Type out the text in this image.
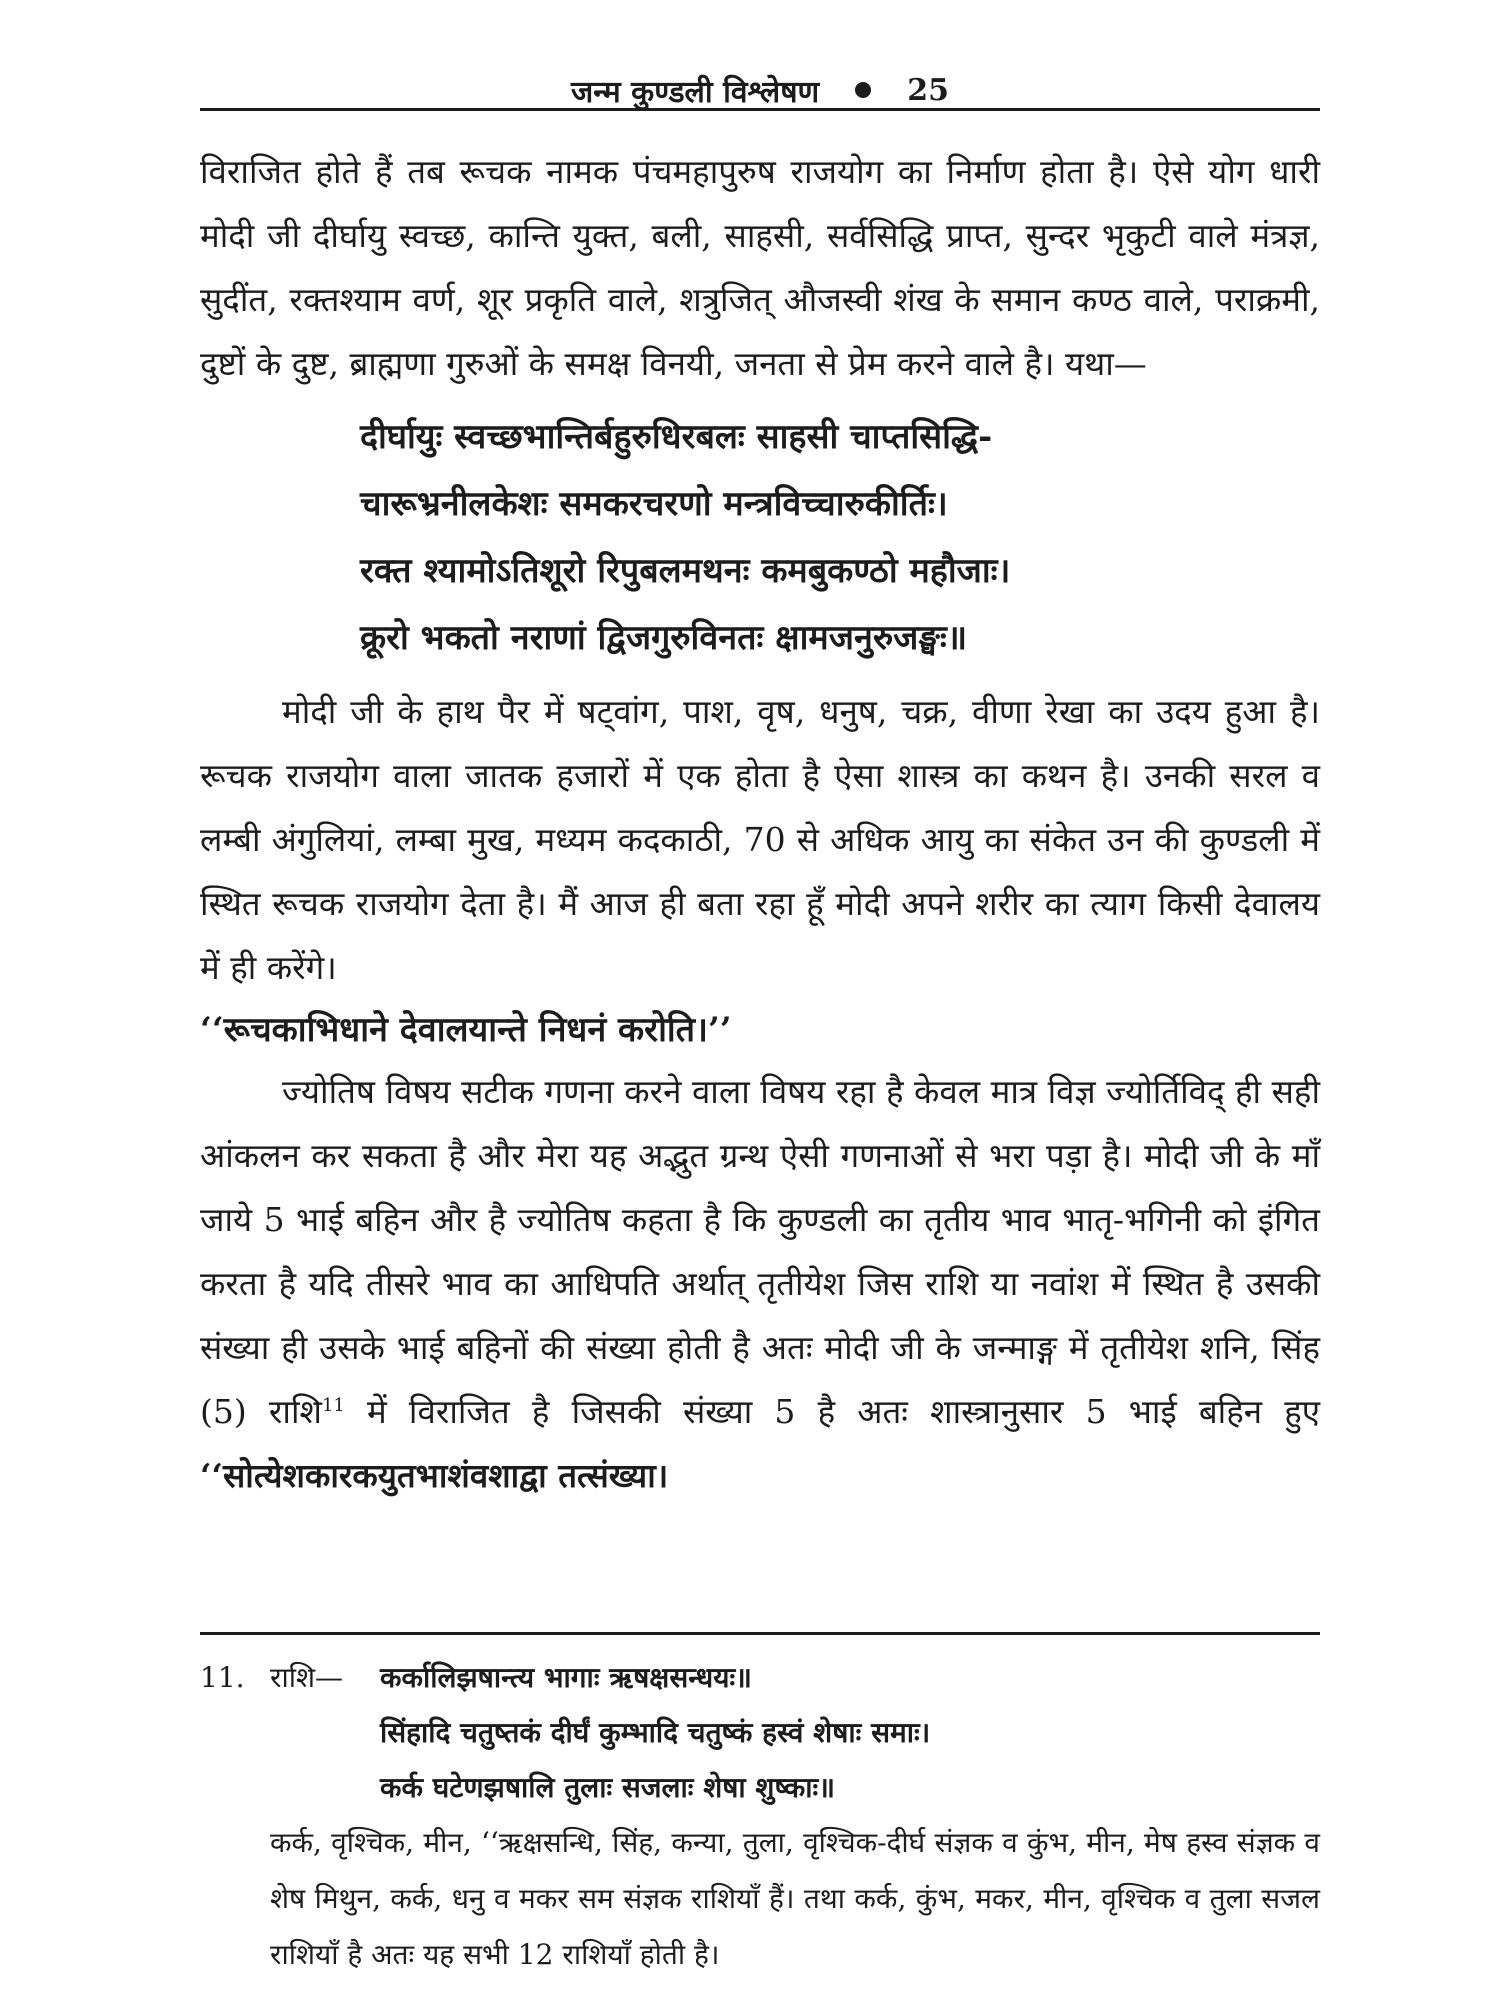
जन्म कुण्डली विश्लेषण	25

विराजित होते हैं तब रूचक नामक पंचमहापुरुष राजयोग का निर्माण होता है। ऐसे योग धारी मोदी जी दीर्घायु स्वच्छ, कान्ति युक्त, बली, साहसी, सर्वसिद्धि प्राप्त, सुन्दर भृकुटी वाले मंत्रज्ञ, सुदींत, रक्तश्याम वर्ण, शूर प्रकृति वाले, शत्रुजित् औजस्वी शंख के समान कण्ठ वाले, पराक्रमी, दुष्टों के दुष्ट, ब्राह्मणा गुरुओं के समक्ष विनयी, जनता से प्रेम करने वाले है। यथा—

दीर्घायुः स्वच्छभान्तिर्बहुरुधिरबलः साहसी चाप्तसिद्धि-

चारूभ्रनीलकेशः समकरचरणो मन्त्रविच्चारुकीर्तिः।

रक्त श्यामोऽतिशूरो रिपुबलमथनः कमबुकण्ठो महौजाः।

क्रूरो भकतो नराणां द्विजगुरुविनतः क्षामजनुरुजङ्घः॥

मोदी जी के हाथ पैर में षट्वांग, पाश, वृष, धनुष, चक्र, वीणा रेखा का उदय हुआ है। रूचक राजयोग वाला जातक हजारों में एक होता है ऐसा शास्त्र का कथन है। उनकी सरल व लम्बी अंगुलियां, लम्बा मुख, मध्यम कदकाठी, 70 से अधिक आयु का संकेत उन की कुण्डली में स्थित रूचक राजयोग देता है। मैं आज ही बता रहा हूँ मोदी अपने शरीर का त्याग किसी देवालय में ही करेंगे।

‘‘रूचकाभिधाने देवालयान्ते निधनं करोति।’’

ज्योतिष विषय सटीक गणना करने वाला विषय रहा है केवल मात्र विज्ञ ज्योर्तिविद् ही सही आंकलन कर सकता है और मेरा यह अद्भुत ग्रन्थ ऐसी गणनाओं से भरा पड़ा है। मोदी जी के माँ जाये 5 भाई बहिन और है ज्योतिष कहता है कि कुण्डली का तृतीय भाव भातृ-भगिनी को इंगित करता है यदि तीसरे भाव का आधिपति अर्थात् तृतीयेश जिस राशि या नवांश में स्थित है उसकी संख्या ही उसके भाई बहिनों की संख्या होती है अतः मोदी जी के जन्माङ्ग में तृतीयेश शनि, सिंह (5) राशि$^{11}$ में विराजित है जिसकी संख्या 5 है अतः शास्त्रानुसार 5 भाई बहिन हुए ‘‘सोत्येशकारकयुतभाशंवशाद्वा तत्संख्या।

11. राशि—	कर्कालिझषान्त्य भागाः ऋषक्षसन्धयः॥

सिंहादि चतुष्तकं दीर्घं कुम्भादि चतुष्कं हस्वं शेषाः समाः।

कर्क घटेणझषालि तुलाः सजलाः शेषा शुष्काः॥

कर्क, वृश्चिक, मीन, ‘‘ऋक्षसन्धि, सिंह, कन्या, तुला, वृश्चिक-दीर्घ संज्ञक व कुंभ, मीन, मेष हस्व संज्ञक व शेष मिथुन, कर्क, धनु व मकर सम संज्ञक राशियाँ हैं। तथा कर्क, कुंभ, मकर, मीन, वृश्चिक व तुला सजल राशियाँ है अतः यह सभी 12 राशियाँ होती है।
